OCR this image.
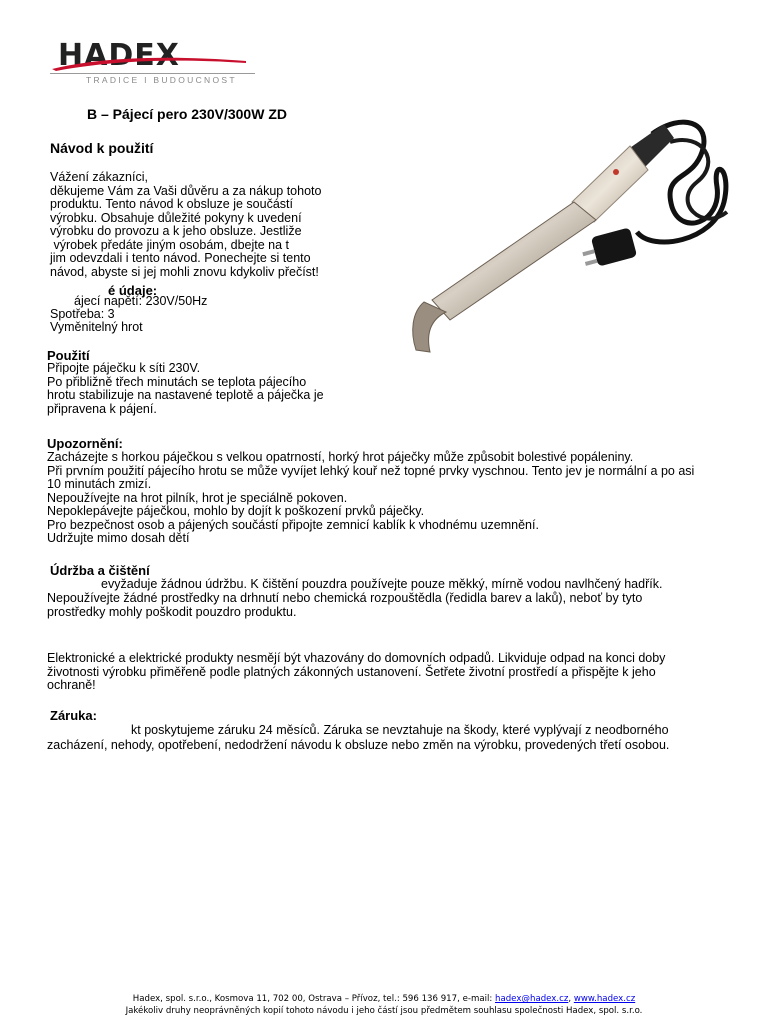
HADEX
TRADICE I BUDOUCNOST
B – Pájecí pero 230V/300W ZD
Návod k použití
Vážení zákazníci,
děkujeme Vám za Vaši důvěru a za nákup tohoto
produktu. Tento návod k obsluze je součástí
výrobku. Obsahuje důležité pokyny k uvedení
výrobku do provozu a k jeho obsluze. Jestliže
výrobek předáte jiným osobám, dbejte na t
jim odevzdali i tento návod. Ponechejte si tento
návod, abyste si jej mohli znovu kdykoliv přečíst!
é údaje:
ájecí napětí: 230V/50Hz
Spotřeba: 3
Vyměnitelný hrot
Použití
Připojte páječku k síti 230V.
Po přibližně třech minutách se teplota pájecího
hrotu stabilizuje na nastavené teplotě a páječka je
připravena k pájení.
Upozornění:
Zacházejte s horkou páječkou s velkou opatrností, horký hrot páječky může způsobit bolestivé popáleniny.
Při prvním použití pájecího hrotu se může vyvíjet lehký kouř než topné prvky vyschnou. Tento jev je normální a po asi
10 minutách zmizí.
Nepoužívejte na hrot pilník, hrot je speciálně pokoven.
Nepoklepávejte páječkou, mohlo by dojít k poškození prvků páječky.
Pro bezpečnost osob a pájených součástí připojte zemnicí kablík k vhodnému uzemnění.
Udržujte mimo dosah dětí
Údržba a čištění
evyžaduje žádnou údržbu. K čištění pouzdra používejte pouze měkký, mírně vodou navlhčený hadřík.
Nepoužívejte žádné prostředky na drhnutí nebo chemická rozpouštědla (ředidla barev a laků), neboť by tyto
prostředky mohly poškodit pouzdro produktu.
Elektronické a elektrické produkty nesmějí být vhazovány do domovních odpadů. Likviduje odpad na konci doby
životnosti výrobku přiměřeně podle platných zákonných ustanovení. Šetřete životní prostředí a přispějte k jeho
ochraně!
Záruka:
kt poskytujeme záruku 24 měsíců. Záruka se nevztahuje na škody, které vyplývají z neodborného
zacházení, nehody, opotřebení, nedodržení návodu k obsluze nebo změn na výrobku, provedených třetí osobou.
Hadex, spol. s.r.o., Kosmova 11, 702 00, Ostrava – Přívoz, tel.: 596 136 917, e-mail: hadex@hadex.cz, www.hadex.cz
Jakékoliv druhy neoprávněných kopií tohoto návodu i jeho částí jsou předmětem souhlasu společnosti Hadex, spol. s.r.o.
